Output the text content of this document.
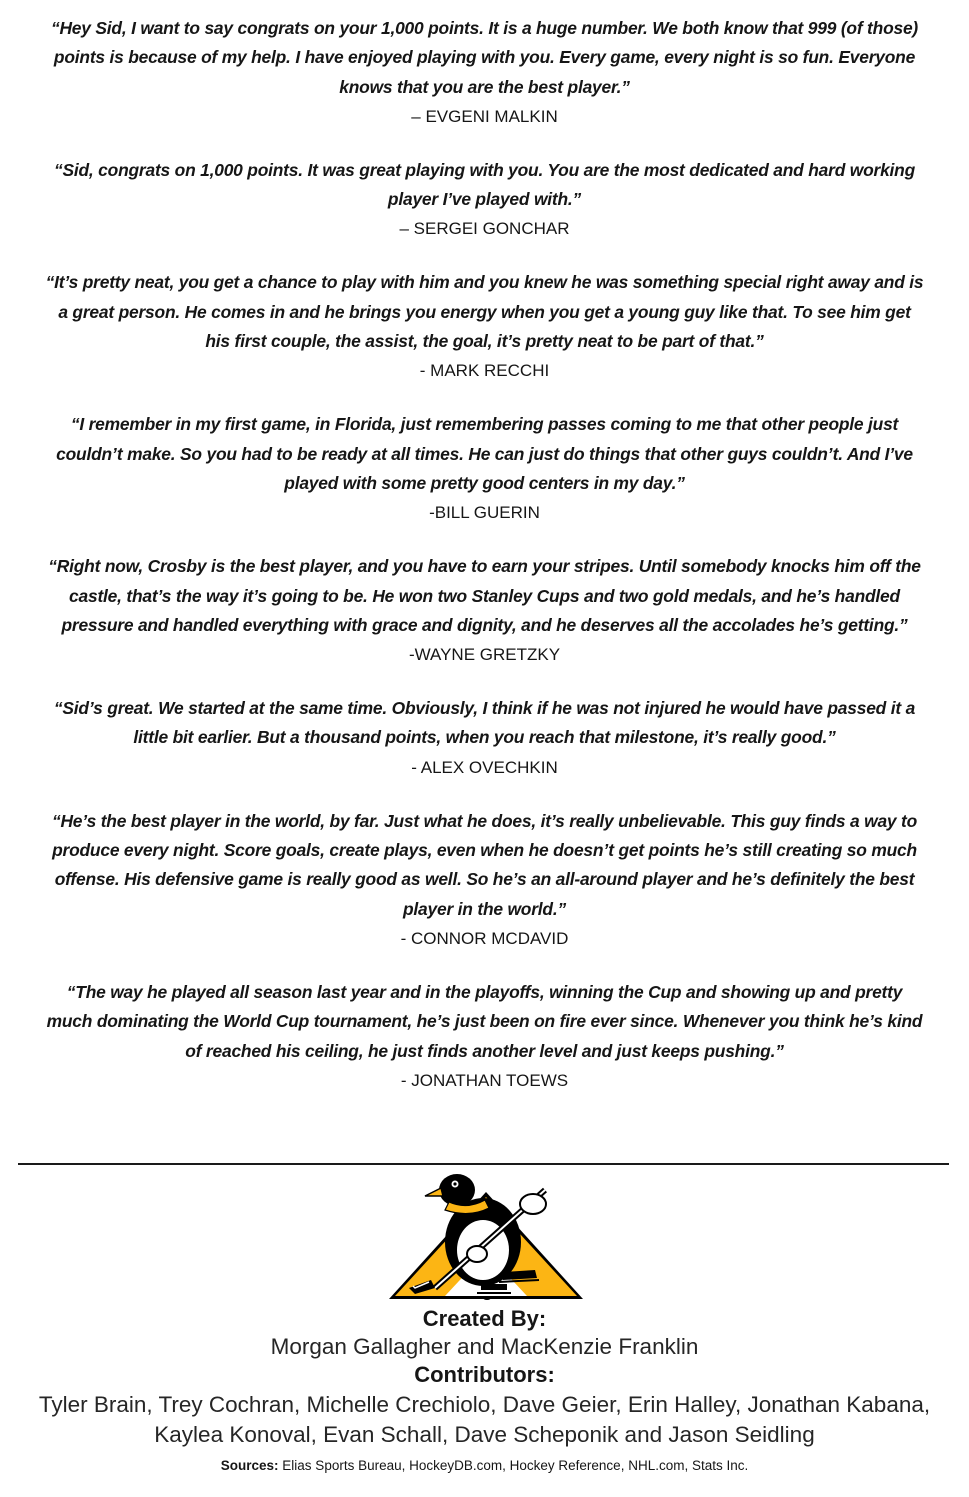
“Hey Sid, I want to say congrats on your 1,000 points. It is a huge number. We both know that 999 (of those) points is because of my help. I have enjoyed playing with you. Every game, every night is so fun. Everyone knows that you are the best player.”
– EVGENI MALKIN
“Sid, congrats on 1,000 points. It was great playing with you. You are the most dedicated and hard working player I’ve played with.”
– SERGEI GONCHAR
“It’s pretty neat, you get a chance to play with him and you knew he was something special right away and is a great person. He comes in and he brings you energy when you get a young guy like that. To see him get his first couple, the assist, the goal, it’s pretty neat to be part of that.”
- MARK RECCHI
“I remember in my first game, in Florida, just remembering passes coming to me that other people just couldn’t make. So you had to be ready at all times. He can just do things that other guys couldn’t. And I’ve played with some pretty good centers in my day.”
-BILL GUERIN
“Right now, Crosby is the best player, and you have to earn your stripes. Until somebody knocks him off the castle, that’s the way it’s going to be. He won two Stanley Cups and two gold medals, and he’s handled pressure and handled everything with grace and dignity, and he deserves all the accolades he’s getting.”
-WAYNE GRETZKY
“Sid’s great. We started at the same time. Obviously, I think if he was not injured he would have passed it a little bit earlier. But a thousand points, when you reach that milestone, it’s really good.”
- ALEX OVECHKIN
“He’s the best player in the world, by far. Just what he does, it’s really unbelievable. This guy finds a way to produce every night. Score goals, create plays, even when he doesn’t get points he’s still creating so much offense. His defensive game is really good as well. So he’s an all-around player and he’s definitely the best player in the world.”
- CONNOR MCDAVID
“The way he played all season last year and in the playoffs, winning the Cup and showing up and pretty much dominating the World Cup tournament, he’s just been on fire ever since. Whenever you think he’s kind of reached his ceiling, he just finds another level and just keeps pushing.”
- JONATHAN TOEWS
Created By:
Morgan Gallagher and MacKenzie Franklin
Contributors:
Tyler Brain, Trey Cochran, Michelle Crechiolo, Dave Geier, Erin Halley, Jonathan Kabana,
Kaylea Konoval, Evan Schall, Dave Scheponik and Jason Seidling
Sources: Elias Sports Bureau, HockeyDB.com, Hockey Reference, NHL.com, Stats Inc.
